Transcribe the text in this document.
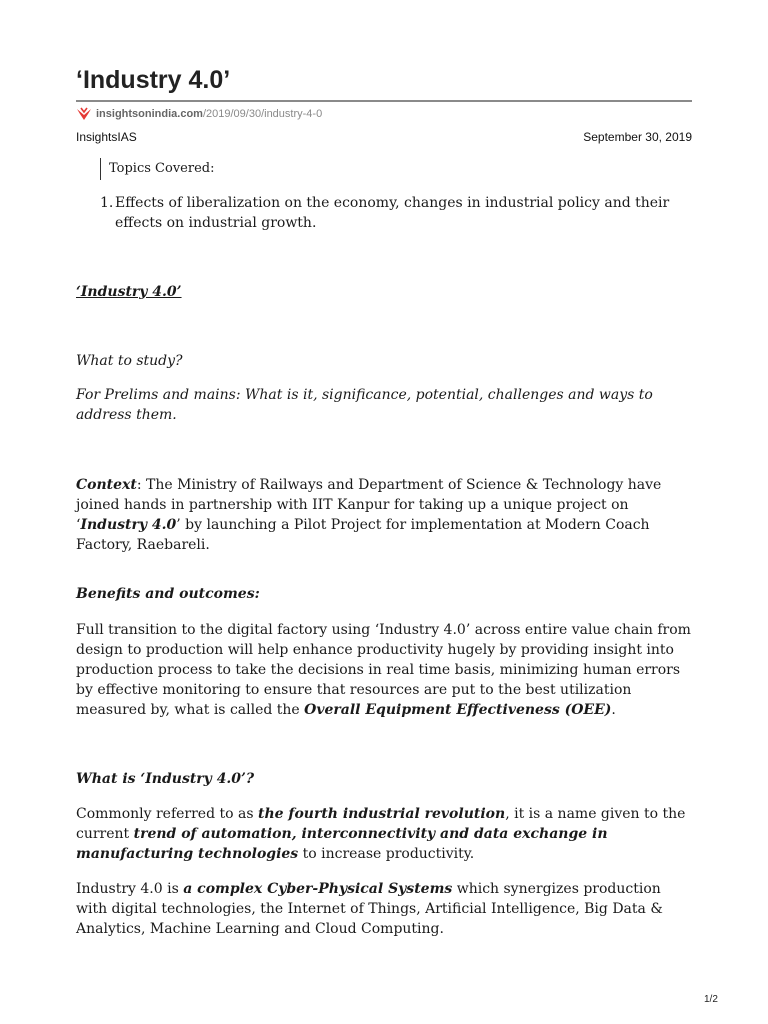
‘Industry 4.0’
insightsonindia.com/2019/09/30/industry-4-0
InsightsIAS	September 30, 2019
Topics Covered:
1. Effects of liberalization on the economy, changes in industrial policy and their effects on industrial growth.

‘Industry 4.0’

What to study?

For Prelims and mains: What is it, significance, potential, challenges and ways to address them.

Context: The Ministry of Railways and Department of Science & Technology have joined hands in partnership with IIT Kanpur for taking up a unique project on ‘Industry 4.0’ by launching a Pilot Project for implementation at Modern Coach Factory, Raebareli.

Benefits and outcomes:

Full transition to the digital factory using ‘Industry 4.0’ across entire value chain from design to production will help enhance productivity hugely by providing insight into production process to take the decisions in real time basis, minimizing human errors by effective monitoring to ensure that resources are put to the best utilization measured by, what is called the Overall Equipment Effectiveness (OEE).

What is ‘Industry 4.0’?

Commonly referred to as the fourth industrial revolution, it is a name given to the current trend of automation, interconnectivity and data exchange in manufacturing technologies to increase productivity.

Industry 4.0 is a complex Cyber-Physical Systems which synergizes production with digital technologies, the Internet of Things, Artificial Intelligence, Big Data & Analytics, Machine Learning and Cloud Computing.

1/2
